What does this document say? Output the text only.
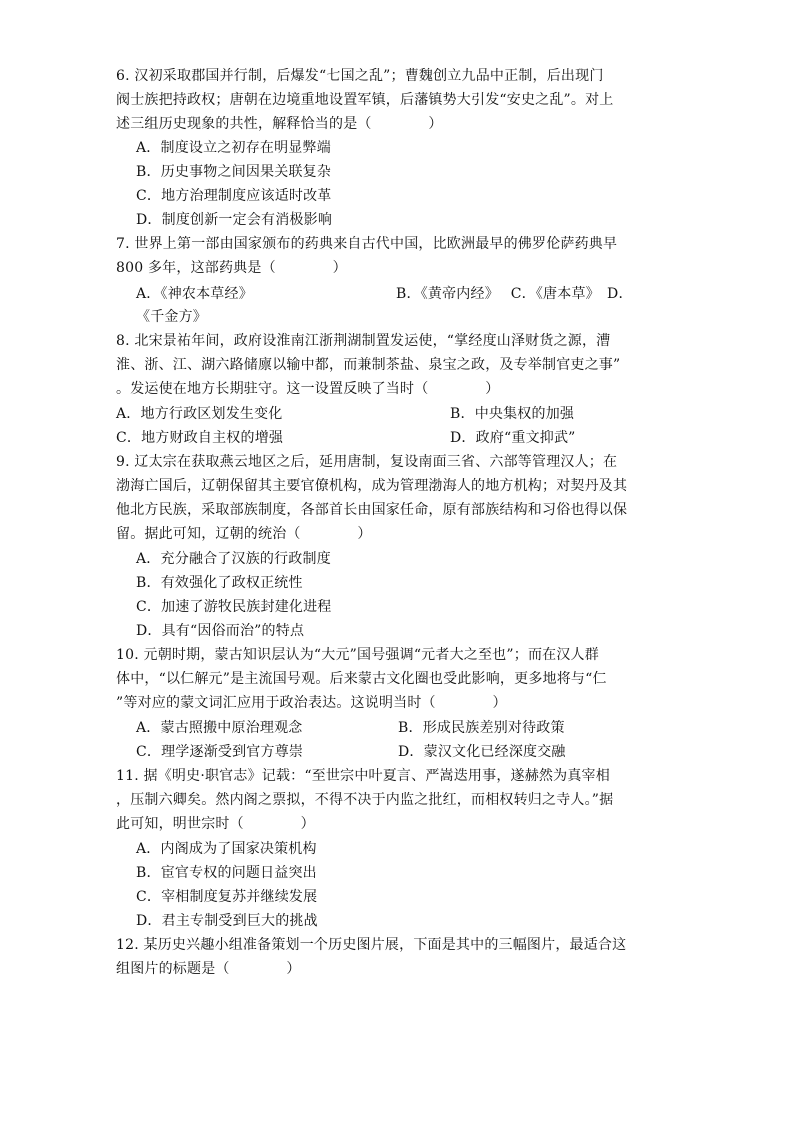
6. 汉初采取郡国并行制，后爆发“七国之乱”；曹魏创立九品中正制，后出现门
阀士族把持政权；唐朝在边境重地设置军镇，后藩镇势大引发“安史之乱”。对上
述三组历史现象的共性，解释恰当的是（　　　　）
A．制度设立之初存在明显弊端
B．历史事物之间因果关联复杂
C．地方治理制度应该适时改革
D．制度创新一定会有消极影响
7. 世界上第一部由国家颁布的药典来自古代中国，比欧洲最早的佛罗伦萨药典早
800 多年，这部药典是（　　　　）
A．《神农本草经》	B．《黄帝内经》　 C．《唐本草》　D．
《千金方》
8. 北宋景祐年间，政府设淮南江浙荆湖制置发运使，“掌经度山泽财货之源，漕
淮、浙、江、湖六路储廪以输中都，而兼制茶盐、泉宝之政，及专举制官吏之事”
。发运使在地方长期驻守。这一设置反映了当时（　　　　）
A．地方行政区划发生变化	B．中央集权的加强
C．地方财政自主权的增强	D．政府“重文抑武”
9. 辽太宗在获取燕云地区之后，延用唐制，复设南面三省、六部等管理汉人；在
渤海亡国后，辽朝保留其主要官僚机构，成为管理渤海人的地方机构；对契丹及其
他北方民族，采取部族制度，各部首长由国家任命，原有部族结构和习俗也得以保
留。据此可知，辽朝的统治（　　　　）
A．充分融合了汉族的行政制度
B．有效强化了政权正统性
C．加速了游牧民族封建化进程
D．具有“因俗而治”的特点
10. 元朝时期，蒙古知识层认为“大元”国号强调“元者大之至也”；而在汉人群
体中，“以仁解元”是主流国号观。后来蒙古文化圈也受此影响，更多地将与“仁
”等对应的蒙文词汇应用于政治表达。这说明当时（　　　　）
A．蒙古照搬中原治理观念	B．形成民族差别对待政策
C．理学逐渐受到官方尊崇	D．蒙汉文化已经深度交融
11. 据《明史·职官志》记载：“至世宗中叶夏言、严嵩迭用事，遂赫然为真宰相
，压制六卿矣。然内阁之票拟，不得不决于内监之批红，而相权转归之寺人。”据
此可知，明世宗时（　　　　）
A．内阁成为了国家决策机构
B．宦官专权的问题日益突出
C．宰相制度复苏并继续发展
D．君主专制受到巨大的挑战
12. 某历史兴趣小组准备策划一个历史图片展，下面是其中的三幅图片，最适合这
组图片的标题是（　　　　）
